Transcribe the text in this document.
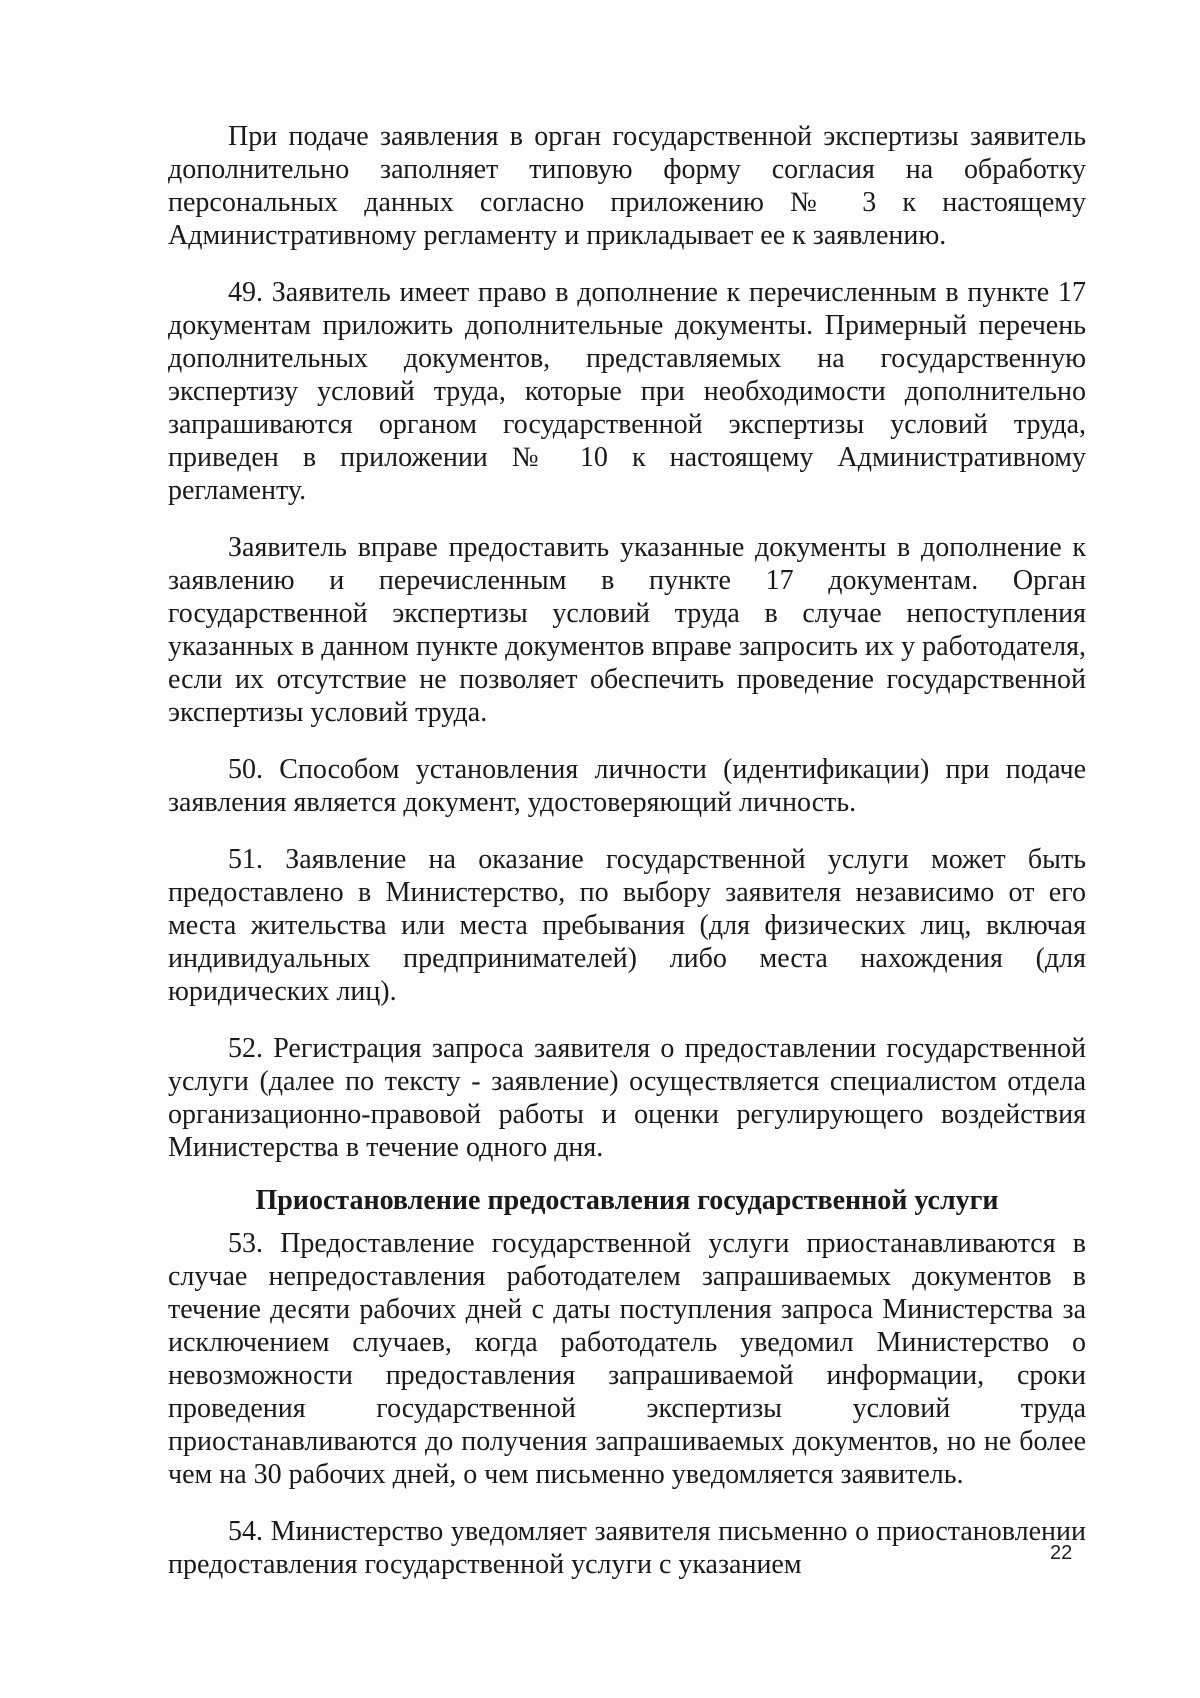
При подаче заявления в орган государственной экспертизы заявитель дополнительно заполняет типовую форму согласия на обработку персональных данных согласно приложению № 3 к настоящему Административному регламенту и прикладывает ее к заявлению.

49. Заявитель имеет право в дополнение к перечисленным в пункте 17 документам приложить дополнительные документы. Примерный перечень дополнительных документов, представляемых на государственную экспертизу условий труда, которые при необходимости дополнительно запрашиваются органом государственной экспертизы условий труда, приведен в приложении № 10 к настоящему Административному регламенту.

Заявитель вправе предоставить указанные документы в дополнение к заявлению и перечисленным в пункте 17 документам. Орган государственной экспертизы условий труда в случае непоступления указанных в данном пункте документов вправе запросить их у работодателя, если их отсутствие не позволяет обеспечить проведение государственной экспертизы условий труда.

50. Способом установления личности (идентификации) при подаче заявления является документ, удостоверяющий личность.

51. Заявление на оказание государственной услуги может быть предоставлено в Министерство, по выбору заявителя независимо от его места жительства или места пребывания (для физических лиц, включая индивидуальных предпринимателей) либо места нахождения (для юридических лиц).

52. Регистрация запроса заявителя о предоставлении государственной услуги (далее по тексту - заявление) осуществляется специалистом отдела организационно-правовой работы и оценки регулирующего воздействия Министерства в течение одного дня.

Приостановление предоставления государственной услуги

53. Предоставление государственной услуги приостанавливаются в случае непредоставления работодателем запрашиваемых документов в течение десяти рабочих дней с даты поступления запроса Министерства за исключением случаев, когда работодатель уведомил Министерство о невозможности предоставления запрашиваемой информации, сроки проведения государственной экспертизы условий труда приостанавливаются до получения запрашиваемых документов, но не более чем на 30 рабочих дней, о чем письменно уведомляется заявитель.

54. Министерство уведомляет заявителя письменно о приостановлении предоставления государственной услуги с указанием	22
